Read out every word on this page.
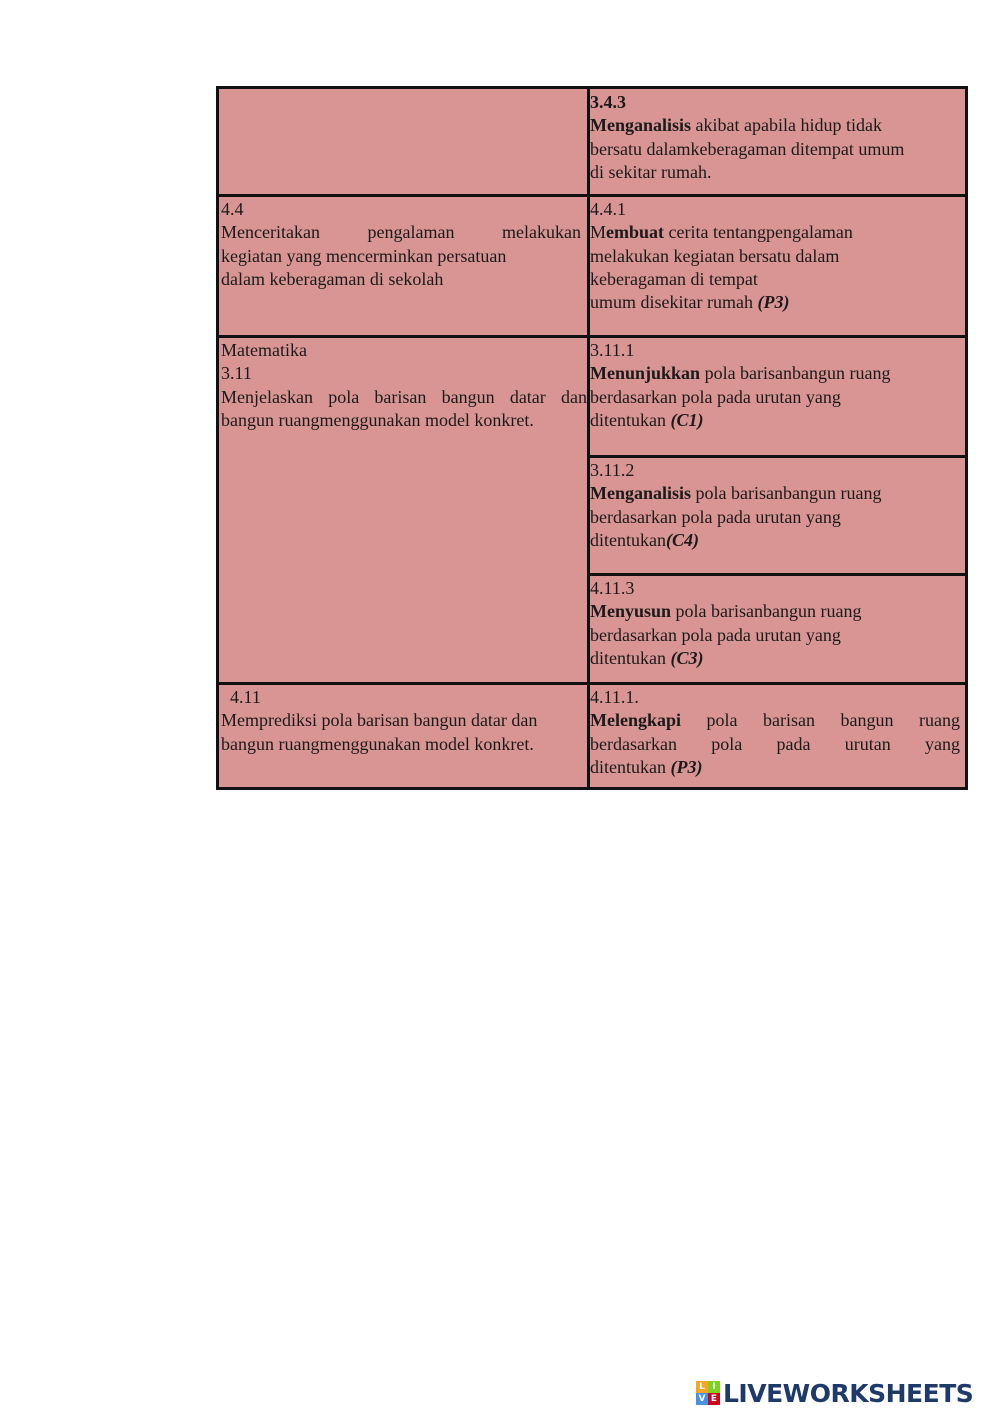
3.4.3
Menganalisis akibat apabila hidup tidak
bersatu dalamkeberagaman ditempat umum
di sekitar rumah.
4.4
Menceritakan pengalaman melakukan
kegiatan yang mencerminkan persatuan
dalam keberagaman di sekolah
4.4.1
Membuat cerita tentangpengalaman
melakukan kegiatan bersatu dalam
keberagaman di tempat
umum disekitar rumah (P3)
Matematika
3.11
Menjelaskan pola barisan bangun datar dan
bangun ruangmenggunakan model konkret.
3.11.1
Menunjukkan pola barisanbangun ruang
berdasarkan pola pada urutan yang
ditentukan (C1)
3.11.2
Menganalisis pola barisanbangun ruang
berdasarkan pola pada urutan yang
ditentukan(C4)
4.11.3
Menyusun pola barisanbangun ruang
berdasarkan pola pada urutan yang
ditentukan (C3)
4.11
Memprediksi pola barisan bangun datar dan
bangun ruangmenggunakan model konkret.
4.11.1.
Melengkapi pola barisan bangun ruang
berdasarkan pola pada urutan yang
ditentukan (P3)
L I
V E LIVEWORKSHEETS
